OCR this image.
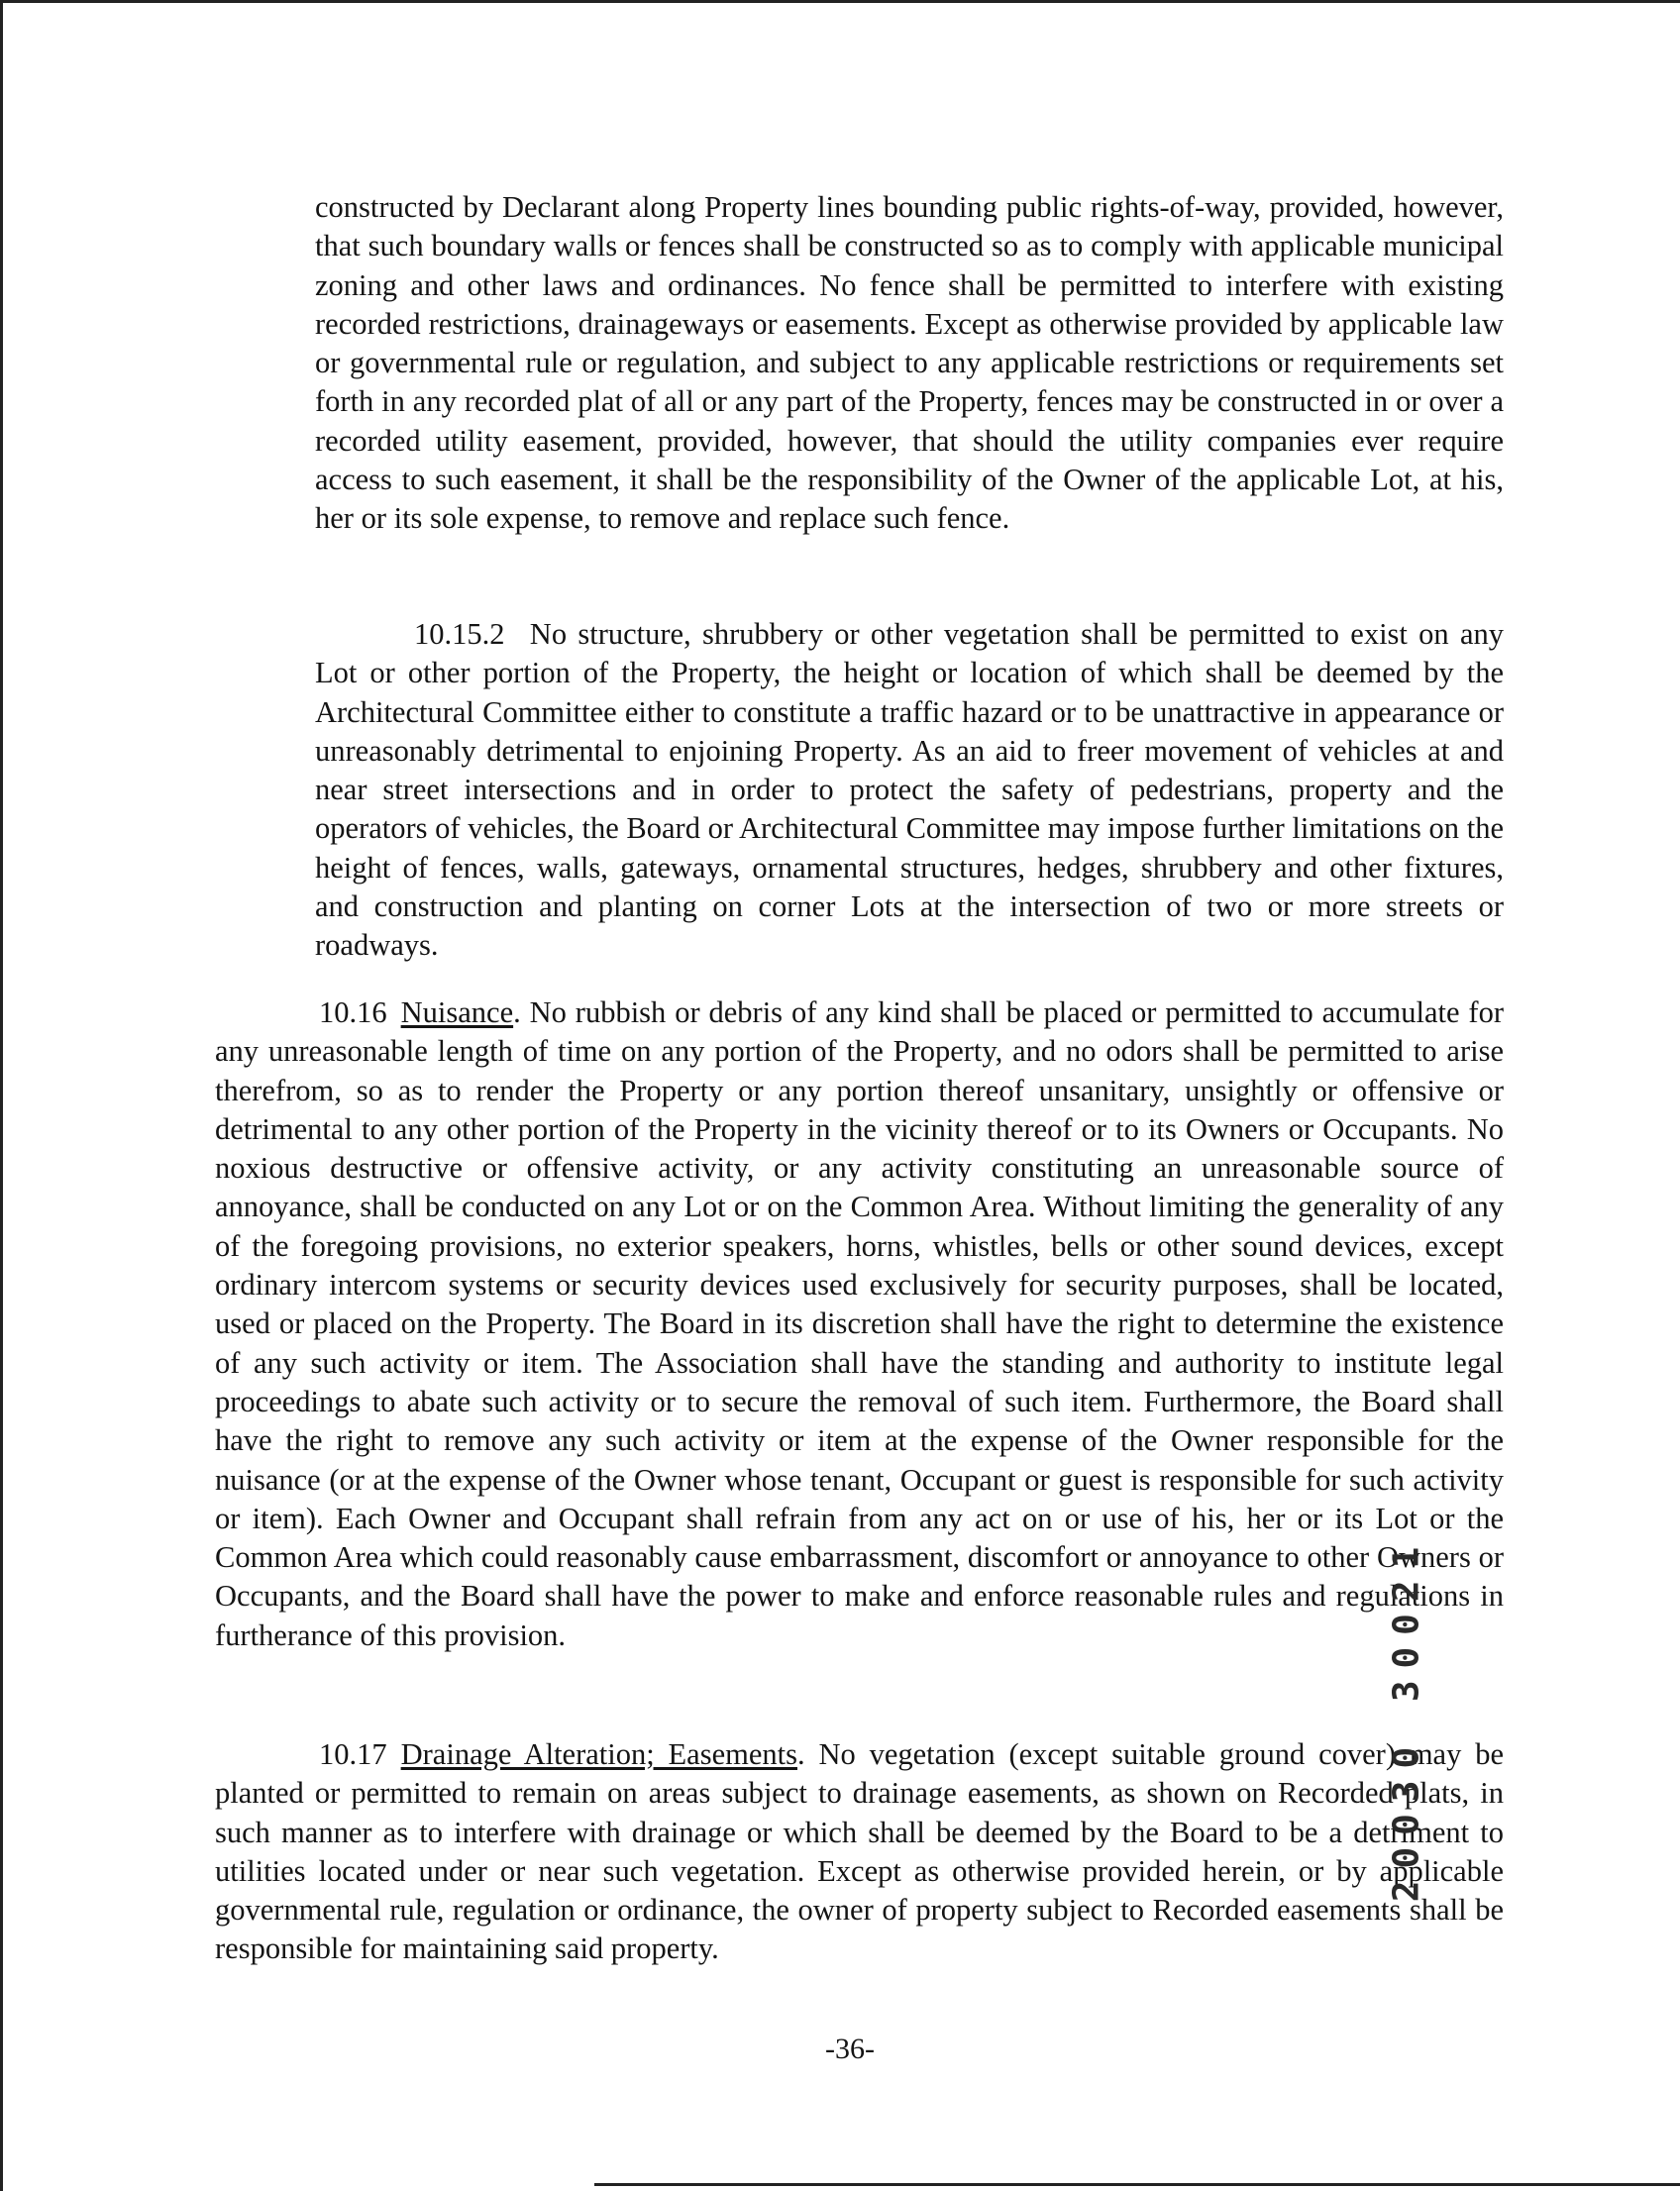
constructed by Declarant along Property lines bounding public rights-of-way, provided, however, that such boundary walls or fences shall be constructed so as to comply with applicable municipal zoning and other laws and ordinances. No fence shall be permitted to interfere with existing recorded restrictions, drainageways or easements. Except as otherwise provided by applicable law or governmental rule or regulation, and subject to any applicable restrictions or requirements set forth in any recorded plat of all or any part of the Property, fences may be constructed in or over a recorded utility easement, provided, however, that should the utility companies ever require access to such easement, it shall be the responsibility of the Owner of the applicable Lot, at his, her or its sole expense, to remove and replace such fence.

10.15.2 No structure, shrubbery or other vegetation shall be permitted to exist on any Lot or other portion of the Property, the height or location of which shall be deemed by the Architectural Committee either to constitute a traffic hazard or to be unattractive in appearance or unreasonably detrimental to enjoining Property. As an aid to freer movement of vehicles at and near street intersections and in order to protect the safety of pedestrians, property and the operators of vehicles, the Board or Architectural Committee may impose further limitations on the height of fences, walls, gateways, ornamental structures, hedges, shrubbery and other fixtures, and construction and planting on corner Lots at the intersection of two or more streets or roadways.

10.16 Nuisance. No rubbish or debris of any kind shall be placed or permitted to accumulate for any unreasonable length of time on any portion of the Property, and no odors shall be permitted to arise therefrom, so as to render the Property or any portion thereof unsanitary, unsightly or offensive or detrimental to any other portion of the Property in the vicinity thereof or to its Owners or Occupants. No noxious destructive or offensive activity, or any activity constituting an unreasonable source of annoyance, shall be conducted on any Lot or on the Common Area. Without limiting the generality of any of the foregoing provisions, no exterior speakers, horns, whistles, bells or other sound devices, except ordinary intercom systems or security devices used exclusively for security purposes, shall be located, used or placed on the Property. The Board in its discretion shall have the right to determine the existence of any such activity or item. The Association shall have the standing and authority to institute legal proceedings to abate such activity or to secure the removal of such item. Furthermore, the Board shall have the right to remove any such activity or item at the expense of the Owner responsible for the nuisance (or at the expense of the Owner whose tenant, Occupant or guest is responsible for such activity or item). Each Owner and Occupant shall refrain from any act on or use of his, her or its Lot or the Common Area which could reasonably cause embarrassment, discomfort or annoyance to other Owners or Occupants, and the Board shall have the power to make and enforce reasonable rules and regulations in furtherance of this provision.

10.17 Drainage Alteration; Easements. No vegetation (except suitable ground cover) may be planted or permitted to remain on areas subject to drainage easements, as shown on Recorded plats, in such manner as to interfere with drainage or which shall be deemed by the Board to be a detriment to utilities located under or near such vegetation. Except as otherwise provided herein, or by applicable governmental rule, regulation or ordinance, the owner of property subject to Recorded easements shall be responsible for maintaining said property.

-36-

20030 30021
